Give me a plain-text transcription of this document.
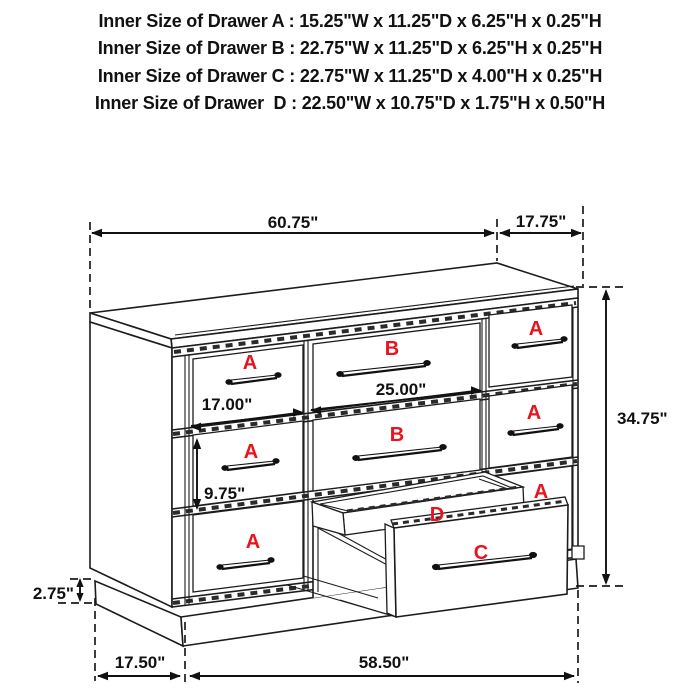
Inner Size of Drawer A : 15.25"W x 11.25"D x 6.25"H x 0.25"H

Inner Size of Drawer B : 22.75"W x 11.25"D x 6.25"H x 0.25"H

Inner Size of Drawer C : 22.75"W x 11.25"D x 4.00"H x 0.25"H

Inner Size of Drawer  D : 22.50"W x 10.75"D x 1.75"H x 0.50"H

A
B
A
A
B
A
A
A
D
C
60.75"	17.75"
34.75"
17.00"
25.00"
9.75"
2.75"
17.50"	58.50"
